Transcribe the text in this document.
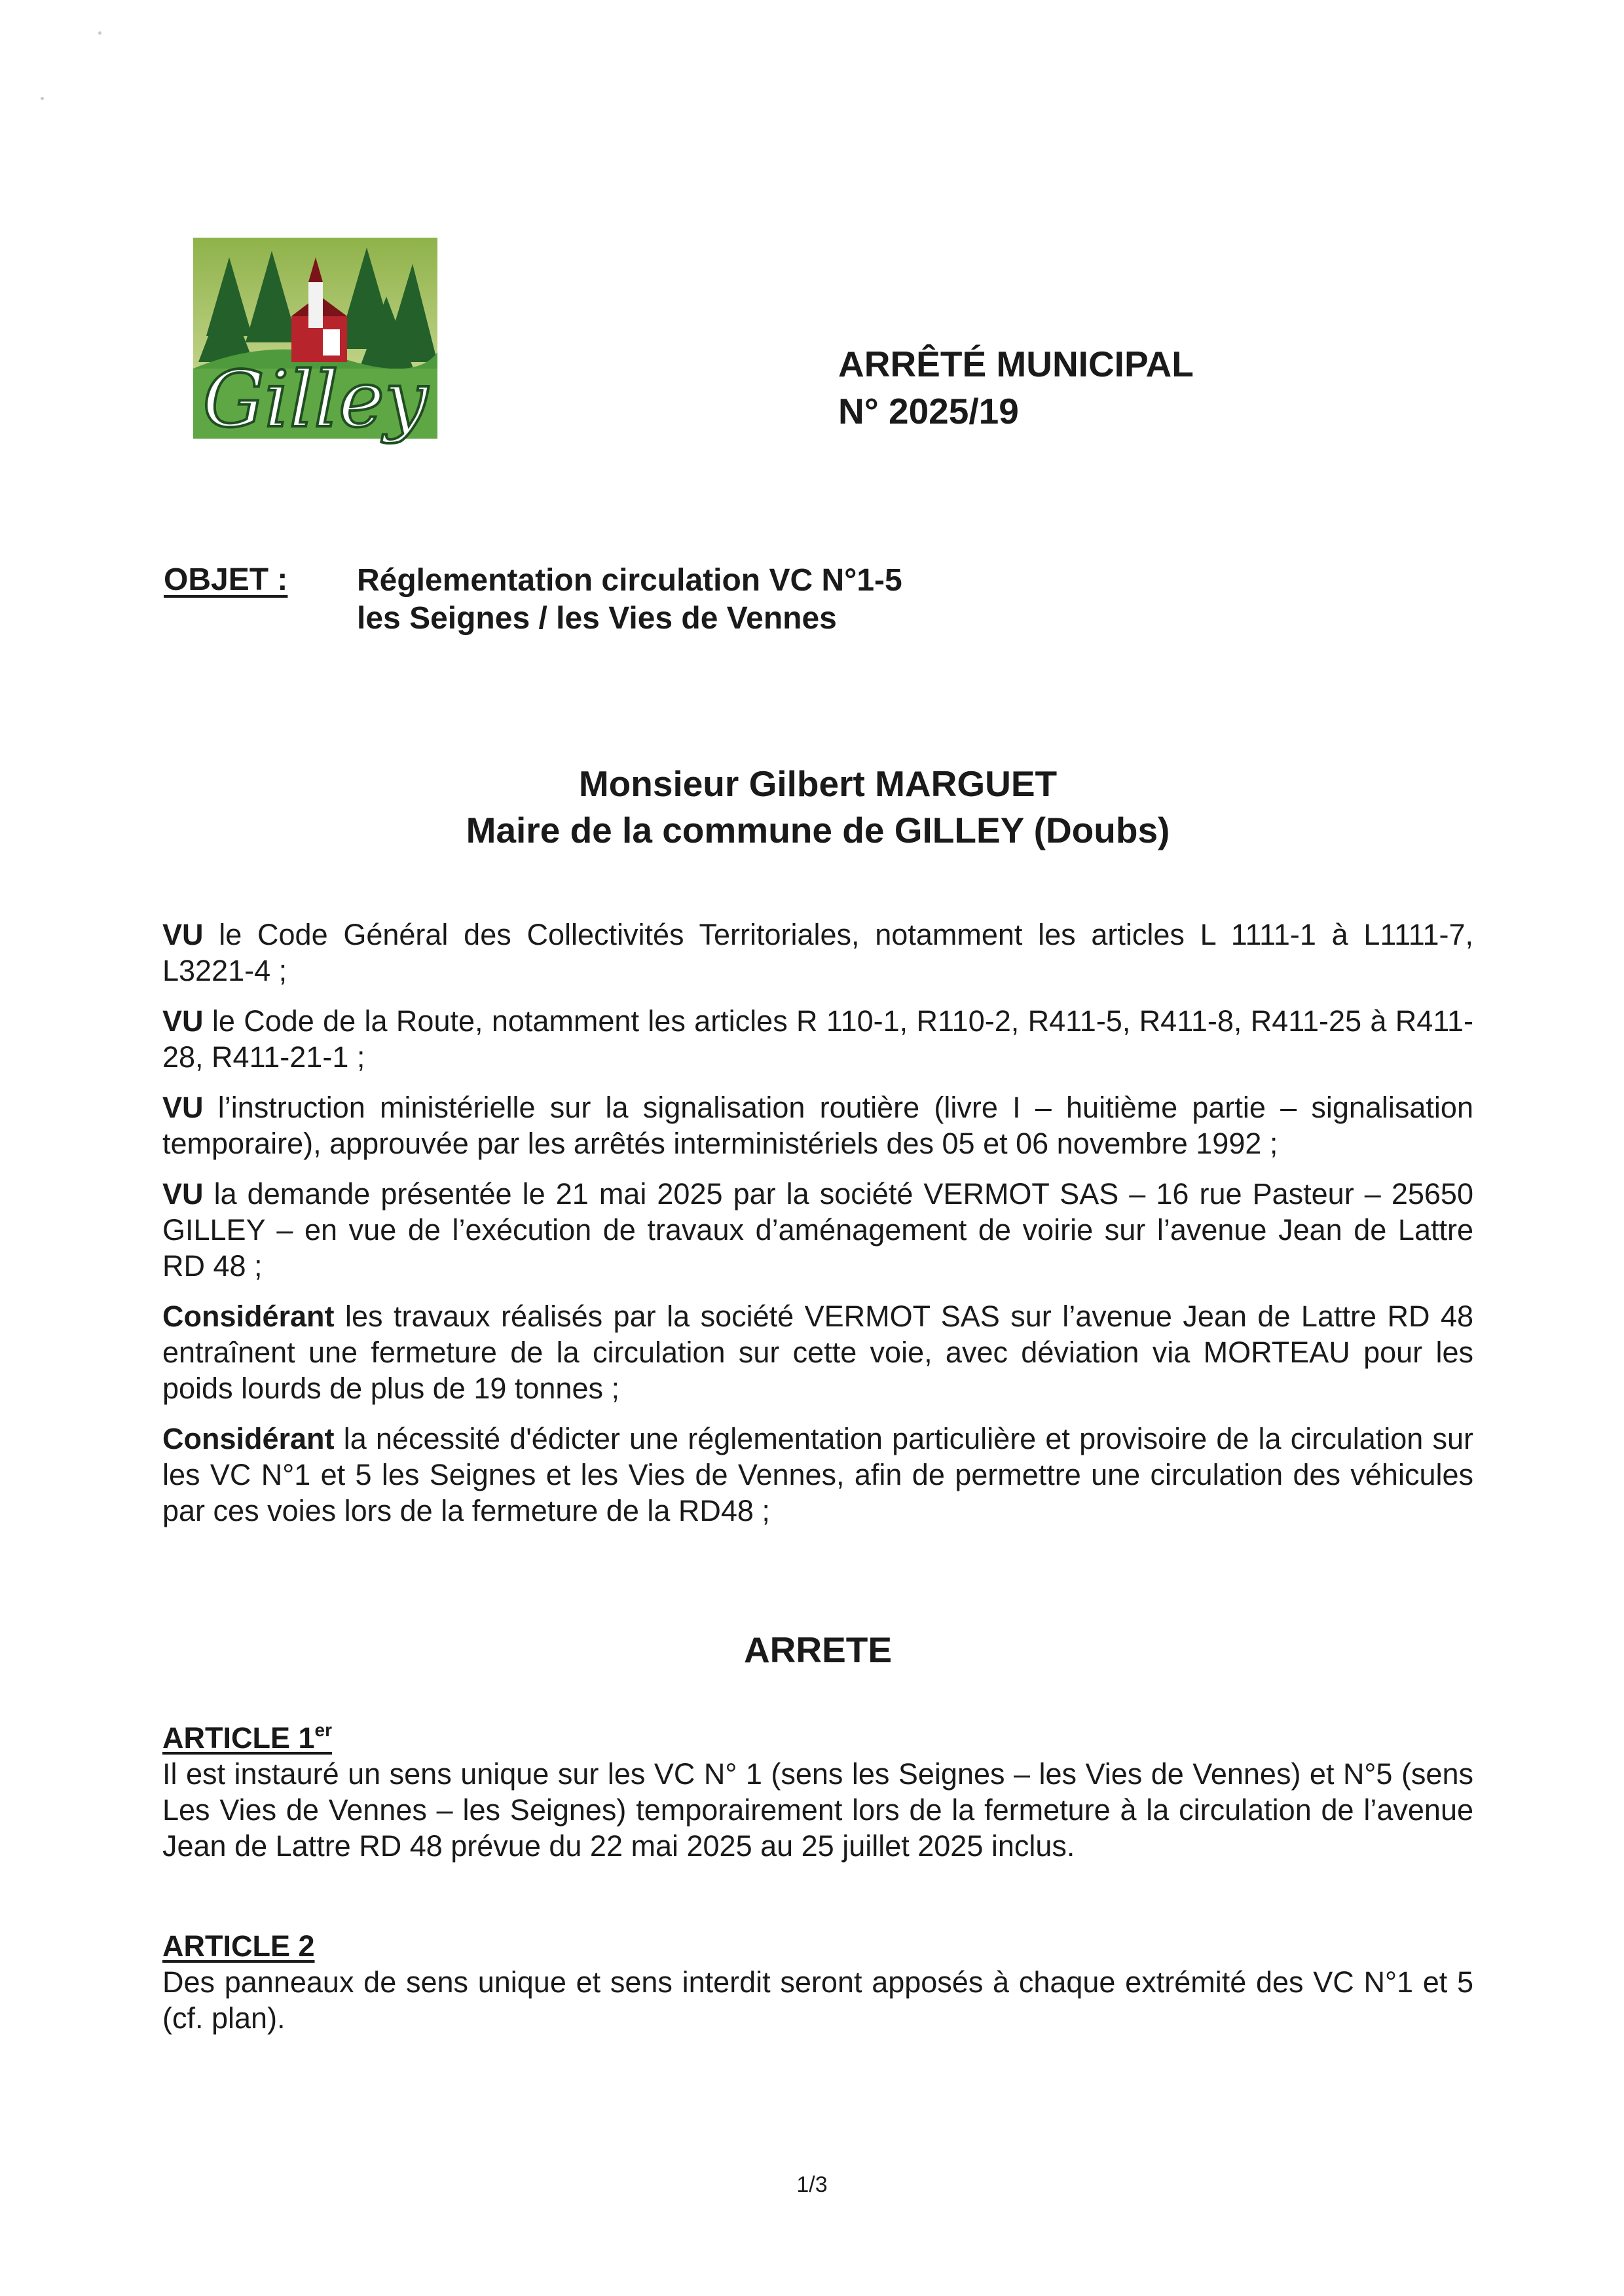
Gilley	ARRÊTÉ MUNICIPAL
N° 2025/19
OBJET : Réglementation circulation VC N°1-5
les Seignes / les Vies de Vennes
Monsieur Gilbert MARGUET
Maire de la commune de GILLEY (Doubs)

VU le Code Général des Collectivités Territoriales, notamment les articles L 1111-1 à L1111-7, L3221-4 ;

VU le Code de la Route, notamment les articles R 110-1, R110-2, R411-5, R411-8, R411-25 à R411-28, R411-21-1 ;

VU l’instruction ministérielle sur la signalisation routière (livre I – huitième partie – signalisation temporaire), approuvée par les arrêtés interministériels des 05 et 06 novembre 1992 ;

VU la demande présentée le 21 mai 2025 par la société VERMOT SAS – 16 rue Pasteur – 25650 GILLEY – en vue de l’exécution de travaux d’aménagement de voirie sur l’avenue Jean de Lattre RD 48 ;

Considérant les travaux réalisés par la société VERMOT SAS sur l’avenue Jean de Lattre RD 48 entraînent une fermeture de la circulation sur cette voie, avec déviation via MORTEAU pour les poids lourds de plus de 19 tonnes ;

Considérant la nécessité d'édicter une réglementation particulière et provisoire de la circulation sur les VC N°1 et 5 les Seignes et les Vies de Vennes, afin de permettre une circulation des véhicules par ces voies lors de la fermeture de la RD48 ;

ARRETE
ARTICLE 1er
Il est instauré un sens unique sur les VC N° 1 (sens les Seignes – les Vies de Vennes) et N°5 (sens Les Vies de Vennes – les Seignes) temporairement lors de la fermeture à la circulation de l’avenue Jean de Lattre RD 48 prévue du 22 mai 2025 au 25 juillet 2025 inclus.
ARTICLE 2
Des panneaux de sens unique et sens interdit seront apposés à chaque extrémité des VC N°1 et 5 (cf. plan).
1/3
